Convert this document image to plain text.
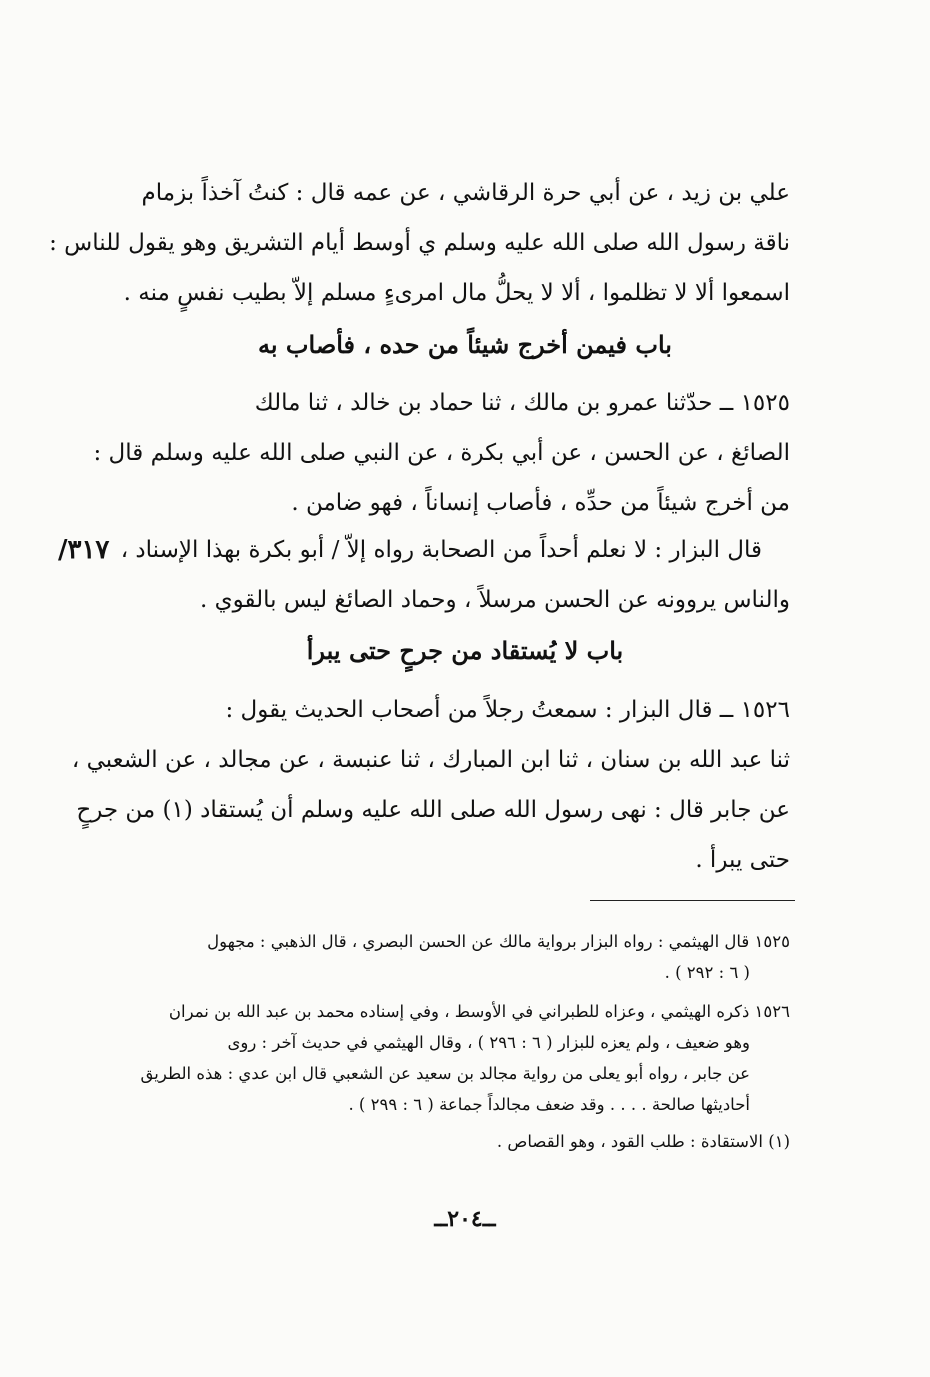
علي بن زيد ، عن أبي حرة الرقاشي ، عن عمه قال : كنتُ آخذاً بزمام
ناقة رسول الله صلى الله عليه وسلم ي أوسط أيام التشريق وهو يقول للناس :
اسمعوا ألا لا تظلموا ، ألا لا يحلُّ مال امرىءٍ مسلم إلاّ بطيب نفسٍ منه .
باب فيمن أخرج شيئاً من حده ، فأصاب به
١٥٢٥ ــ حدّثنا عمرو بن مالك ، ثنا حماد بن خالد ، ثنا مالك
الصائغ ، عن الحسن ، عن أبي بكرة ، عن النبي صلى الله عليه وسلم قال :
من أخرج شيئاً من حدِّه ، فأصاب إنساناً ، فهو ضامن .
قال البزار : لا نعلم أحداً من الصحابة رواه إلاّ / أبو بكرة بهذا الإسناد ،
والناس يروونه عن الحسن مرسلاً ، وحماد الصائغ ليس بالقوي .
٣١٧/
باب لا يُستقاد من جرحٍ حتى يبرأ
١٥٢٦ ــ قال البزار : سمعتُ رجلاً من أصحاب الحديث يقول :
ثنا عبد الله بن سنان ، ثنا ابن المبارك ، ثنا عنبسة ، عن مجالد ، عن الشعبي ،
عن جابر قال : نهى رسول الله صلى الله عليه وسلم أن يُستقاد (١) من جرحٍ
حتى يبرأ .
١٥٢٥ قال الهيثمي : رواه البزار برواية مالك عن الحسن البصري ، قال الذهبي : مجهول
( ٦ : ٢٩٢ ) .
١٥٢٦ ذكره الهيثمي ، وعزاه للطبراني في الأوسط ، وفي إسناده محمد بن عبد الله بن نمران
وهو ضعيف ، ولم يعزه للبزار ( ٦ : ٢٩٦ ) ، وقال الهيثمي في حديث آخر : روى
عن جابر ، رواه أبو يعلى من رواية مجالد بن سعيد عن الشعبي قال ابن عدي : هذه الطريق
أحاديثها صالحة . . . . وقد ضعف مجالداً جماعة ( ٦ : ٢٩٩ ) .
(١) الاستقادة : طلب القود ، وهو القصاص .
ــ٢٠٤ــ
